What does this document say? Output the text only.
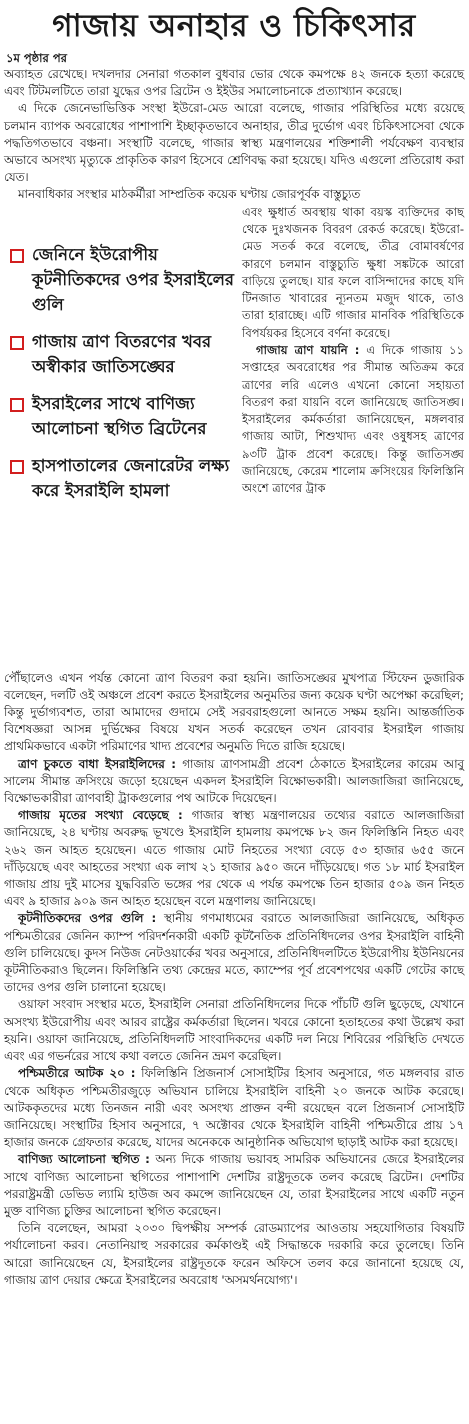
গাজায় অনাহার ও চিকিৎসার
১ম পৃষ্ঠার পর

অব্যাহত রেখেছে। দখলদার সেনারা গতকাল বুধবার ভোর থেকে কমপক্ষে ৪২ জনকে হত্যা করেছে এবং টিটমলটিতে তারা যুদ্ধের ওপর ব্রিটেন ও ইইউর সমালোচনাকে প্রত্যাখ্যান করেছে।

এ দিকে জেনেভাভিত্তিক সংস্থা ইউরো-মেড আরো বলেছে, গাজার পরিস্থিতির মধ্যে রয়েছে চলমান ব্যাপক অবরোধের পাশাপাশি ইচ্ছাকৃতভাবে অনাহার, তীব্র দুর্ভোগ এবং চিকিৎসাসেবা থেকে পদ্ধতিগতভাবে বঞ্চনা। সংস্থাটি বলেছে, গাজার স্বাস্থ্য মন্ত্রণালয়ের শক্তিশালী পর্যবেক্ষণ ব্যবস্থার অভাবে অসংখ্য মৃত্যুকে প্রাকৃতিক কারণ হিসেবে শ্রেণিবদ্ধ করা হয়েছে। যদিও এগুলো প্রতিরোধ করা যেত।

মানবাধিকার সংস্থার মাঠকর্মীরা সাম্প্রতিক কয়েক ঘণ্টায় জোরপূর্বক বাস্তুচ্যুত

জেনিনে ইউরোপীয় কূটনীতিকদের ওপর ইসরাইলের গুলি
গাজায় ত্রাণ বিতরণের খবর অস্বীকার জাতিসঙ্ঘের
ইসরাইলের সাথে বাণিজ্য আলোচনা স্থগিত ব্রিটেনের
হাসপাতালের জেনারেটর লক্ষ্য করে ইসরাইলি হামলা

এবং ক্ষুধার্ত অবস্থায় থাকা বয়স্ক ব্যক্তিদের কাছ থেকে দুঃখজনক বিবরণ রেকর্ড করেছে। ইউরো-মেড সতর্ক করে বলেছে, তীব্র বোমাবর্ষণের কারণে চলমান বাস্তুচ্যুতি ক্ষুধা সঙ্কটকে আরো বাড়িয়ে তুলছে। যার ফলে বাসিন্দাদের কাছে যদি টিনজাত খাবারের ন্যূনতম মজুদ থাকে, তাও তারা হারাচ্ছে। এটি গাজার মানবিক পরিস্থিতিকে বিপর্যয়কর হিসেবে বর্ণনা করেছে।

গাজায় ত্রাণ যায়নি : এ দিকে গাজায় ১১ সপ্তাহের অবরোধের পর সীমান্ত অতিক্রম করে ত্রাণের লরি এলেও এখনো কোনো সহায়তা বিতরণ করা যায়নি বলে জানিয়েছে জাতিসঙ্ঘ। ইসরাইলের কর্মকর্তারা জানিয়েছেন, মঙ্গলবার গাজায় আটা, শিশুখাদ্য এবং ওষুধসহ ত্রাণের ৯৩টি ট্রাক প্রবেশ করেছে। কিন্তু জাতিসঙ্ঘ জানিয়েছে, কেরেম শালোম ক্রসিংয়ের ফিলিস্তিনি অংশে ত্রাণের ট্রাক

পৌঁছালেও এখন পর্যন্ত কোনো ত্রাণ বিতরণ করা হয়নি। জাতিসঙ্ঘের মুখপাত্র স্টিফেন ডুজারিক বলেছেন, দলটি ওই অঞ্চলে প্রবেশ করতে ইসরাইলের অনুমতির জন্য কয়েক ঘণ্টা অপেক্ষা করেছিল; কিন্তু দুর্ভাগ্যবশত, তারা আমাদের গুদামে সেই সরবরাহগুলো আনতে সক্ষম হয়নি। আন্তর্জাতিক বিশেষজ্ঞরা আসন্ন দুর্ভিক্ষের বিষয়ে যখন সতর্ক করেছেন তখন রোববার ইসরাইল গাজায় প্রাথমিকভাবে একটা পরিমাণের খাদ্য প্রবেশের অনুমতি দিতে রাজি হয়েছে।

ত্রাণ চুকতে বাধা ইসরাইলিদের : গাজায় ত্রাণসামগ্রী প্রবেশ ঠেকাতে ইসরাইলের কারেম আবু সালেম সীমান্ত ক্রসিংয়ে জড়ো হয়েছেন একদল ইসরাইলি বিক্ষোভকারী। আলজাজিরা জানিয়েছে, বিক্ষোভকারীরা ত্রাণবাহী ট্রাকগুলোর পথ আটকে দিয়েছেন।

গাজায় মৃতের সংখ্যা বেড়েছে : গাজার স্বাস্থ্য মন্ত্রণালয়ের তথ্যের বরাতে আলজাজিরা জানিয়েছে, ২৪ ঘণ্টায় অবরুদ্ধ ভূখণ্ডে ইসরাইলি হামলায় কমপক্ষে ৮২ জন ফিলিস্তিনি নিহত এবং ২৬২ জন আহত হয়েছেন। এতে গাজায় মোট নিহতের সংখ্যা বেড়ে ৫৩ হাজার ৬৫৫ জনে দাঁড়িয়েছে এবং আহতের সংখ্যা এক লাখ ২১ হাজার ৯৫০ জনে দাঁড়িয়েছে। গত ১৮ মার্চ ইসরাইল গাজায় প্রায় দুই মাসের যুদ্ধবিরতি ভঙ্গের পর থেকে এ পর্যন্ত কমপক্ষে তিন হাজার ৫০৯ জন নিহত এবং ৯ হাজার ৯০৯ জন আহত হয়েছেন বলে মন্ত্রণালয় জানিয়েছে।

কূটনীতিকদের ওপর গুলি : স্থানীয় গণমাধ্যমের বরাতে আলজাজিরা জানিয়েছে, অধিকৃত পশ্চিমতীরের জেনিন ক্যাম্প পরিদর্শনকারী একটি কূটনৈতিক প্রতিনিধিদলের ওপর ইসরাইলি বাহিনী গুলি চালিয়েছে। কুদস নিউজ নেটওয়ার্কের খবর অনুসারে, প্রতিনিধিদলটিতে ইউরোপীয় ইউনিয়নের কূটনীতিকরাও ছিলেন। ফিলিস্তিনি তথ্য কেন্দ্রের মতে, ক্যাম্পের পূর্ব প্রবেশপথের একটি গেটের কাছে তাদের ওপর গুলি চালানো হয়েছে।

ওয়াফা সংবাদ সংস্থার মতে, ইসরাইলি সেনারা প্রতিনিধিদলের দিকে পাঁচটি গুলি ছুড়েছে, যেখানে অসংখ্য ইউরোপীয় এবং আরব রাষ্ট্রের কর্মকর্তারা ছিলেন। খবরে কোনো হতাহতের কথা উল্লেখ করা হয়নি। ওয়াফা জানিয়েছে, প্রতিনিধিদলটি সাংবাদিকদের একটি দল নিয়ে শিবিরের পরিস্থিতি দেখতে এবং এর গভর্নরের সাথে কথা বলতে জেনিন ভ্রমণ করেছিল।

পশ্চিমতীরে আটক ২০ : ফিলিস্তিনি প্রিজনার্স সোসাইটির হিসাব অনুসারে, গত মঙ্গলবার রাত থেকে অধিকৃত পশ্চিমতীরজুড়ে অভিযান চালিয়ে ইসরাইলি বাহিনী ২০ জনকে আটক করেছে। আটককৃতদের মধ্যে তিনজন নারী এবং অসংখ্য প্রাক্তন বন্দী রয়েছেন বলে প্রিজনার্স সোসাইটি জানিয়েছে। সংস্থাটির হিসাব অনুসারে, ৭ অক্টোবর থেকে ইসরাইলি বাহিনী পশ্চিমতীরে প্রায় ১৭ হাজার জনকে গ্রেফতার করেছে, যাদের অনেককে আনুষ্ঠানিক অভিযোগ ছাড়াই আটক করা হয়েছে।

বাণিজ্য আলোচনা স্থগিত : অন্য দিকে গাজায় ভয়াবহ সামরিক অভিযানের জেরে ইসরাইলের সাথে বাণিজ্য আলোচনা স্থগিতের পাশাপাশি দেশটির রাষ্ট্রদূতকে তলব করেছে ব্রিটেন। দেশটির পররাষ্ট্রমন্ত্রী ডেভিড ল্যামি হাউজ অব কমন্সে জানিয়েছেন যে, তারা ইসরাইলের সাথে একটি নতুন মুক্ত বাণিজ্য চুক্তির আলোচনা স্থগিত করেছেন।

তিনি বলেছেন, আমরা ২০৩০ দ্বিপক্ষীয় সম্পর্ক রোডম্যাপের আওতায় সহযোগিতার বিষয়টি পর্যালোচনা করব। নেতানিয়াহু সরকারের কর্মকাণ্ডই এই সিদ্ধান্তকে দরকারি করে তুলেছে। তিনি আরো জানিয়েছেন যে, ইসরাইলের রাষ্ট্রদূতকে ফরেন অফিসে তলব করে জানানো হয়েছে যে, গাজায় ত্রাণ দেয়ার ক্ষেত্রে ইসরাইলের অবরোধ 'অসমর্থনযোগ্য'।
